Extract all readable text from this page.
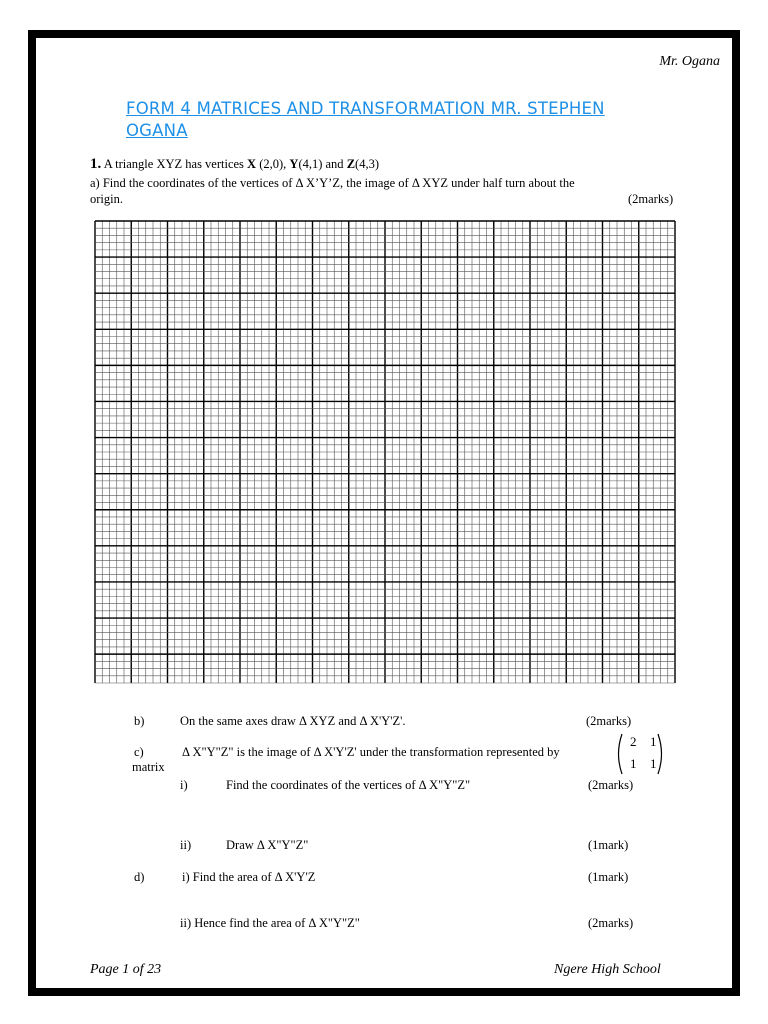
Mr. Ogana
FORM 4 MATRICES AND TRANSFORMATION MR. STEPHEN OGANA
1. A triangle XYZ has vertices X (2,0), Y(4,1) and Z(4,3)
a) Find the coordinates of the vertices of Δ X’Y’Z, the image of Δ XYZ under half turn about the
origin.	(2marks)
b)	On the same axes draw Δ XYZ and Δ X'Y'Z'.	(2marks)
c)	Δ X"Y"Z" is the image of Δ X'Y'Z' under the transformation represented by
matrix
2 1
1 1
i)	Find the coordinates of the vertices of Δ X"Y"Z"	(2marks)
ii)	Draw Δ X"Y"Z"	(1mark)
d)	i) Find the area of Δ X'Y'Z	(1mark)
ii) Hence find the area of Δ X"Y"Z"	(2marks)
Page 1 of 23	Ngere High School
